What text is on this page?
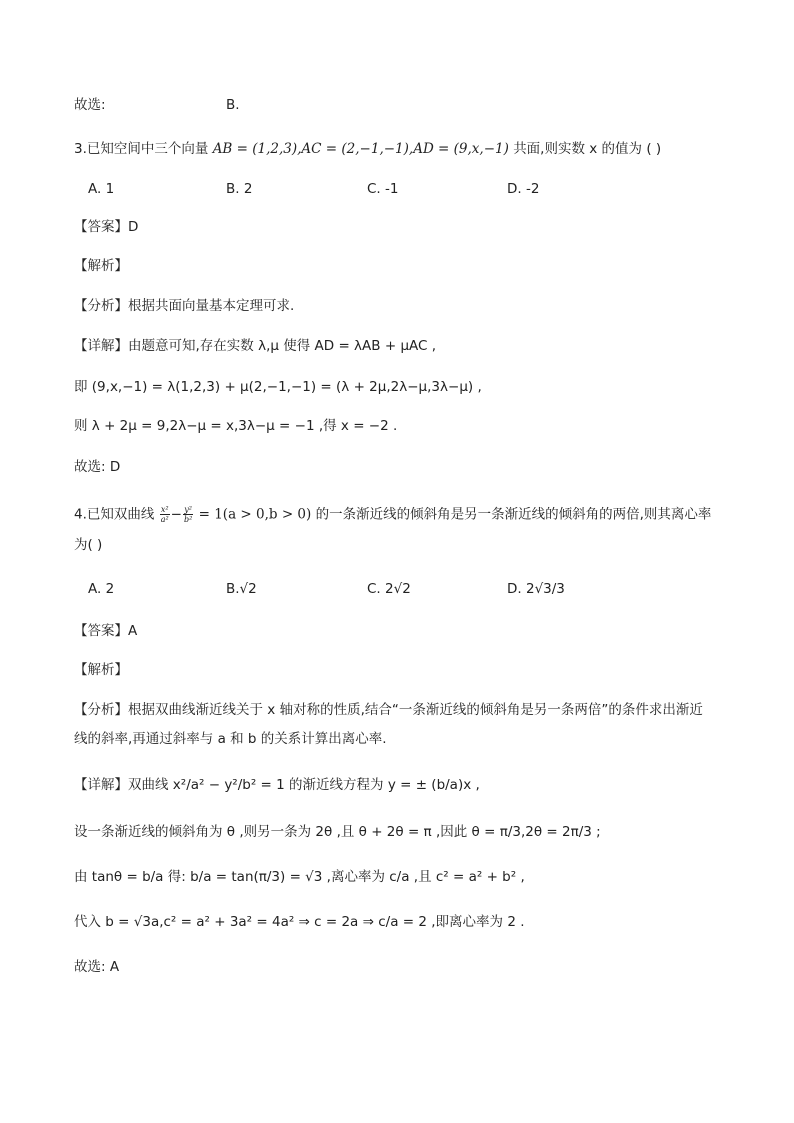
故选:	B.
3.已知空间中三个向量 AB = (1,2,3),AC = (2,−1,−1),AD = (9,x,−1) 共面,则实数 x 的值为 ( )
A. 1	B. 2	C. -1	D. -2
【答案】D
【解析】
【分析】根据共面向量基本定理可求.
【详解】由题意可知,存在实数 λ,μ 使得 AD = λAB + μAC ,
即 (9,x,−1) = λ(1,2,3) + μ(2,−1,−1) = (λ + 2μ,2λ−μ,3λ−μ) ,
则 λ + 2μ = 9,2λ−μ = x,3λ−μ = −1 ,得 x = −2 .
故选: D
4.已知双曲线 $\frac{\text{x²}}{\text{a²}} - \frac{\text{y²}}{\text{b²}} = 1(a > 0,b > 0)$ 的一条渐近线的倾斜角是另一条渐近线的倾斜角的两倍,则其离心率
为( )
A. 2	B.√2	C. 2√2	D. 2√3/3
【答案】A
【解析】
【分析】根据双曲线渐近线关于 x 轴对称的性质,结合“一条渐近线的倾斜角是另一条两倍”的条件求出渐近
线的斜率,再通过斜率与 a 和 b 的关系计算出离心率.
【详解】双曲线 x²/a² − y²/b² = 1 的渐近线方程为 y = ± (b/a)x ,
设一条渐近线的倾斜角为 θ ,则另一条为 2θ ,且 θ + 2θ = π ,因此 θ = π/3,2θ = 2π/3 ;
由 tanθ = b/a 得: b/a = tan(π/3) = √3 ,离心率为 c/a ,且 c² = a² + b² ,
代入 b = √3a,c² = a² + 3a² = 4a² ⇒ c = 2a ⇒ c/a = 2 ,即离心率为 2 .
故选: A
